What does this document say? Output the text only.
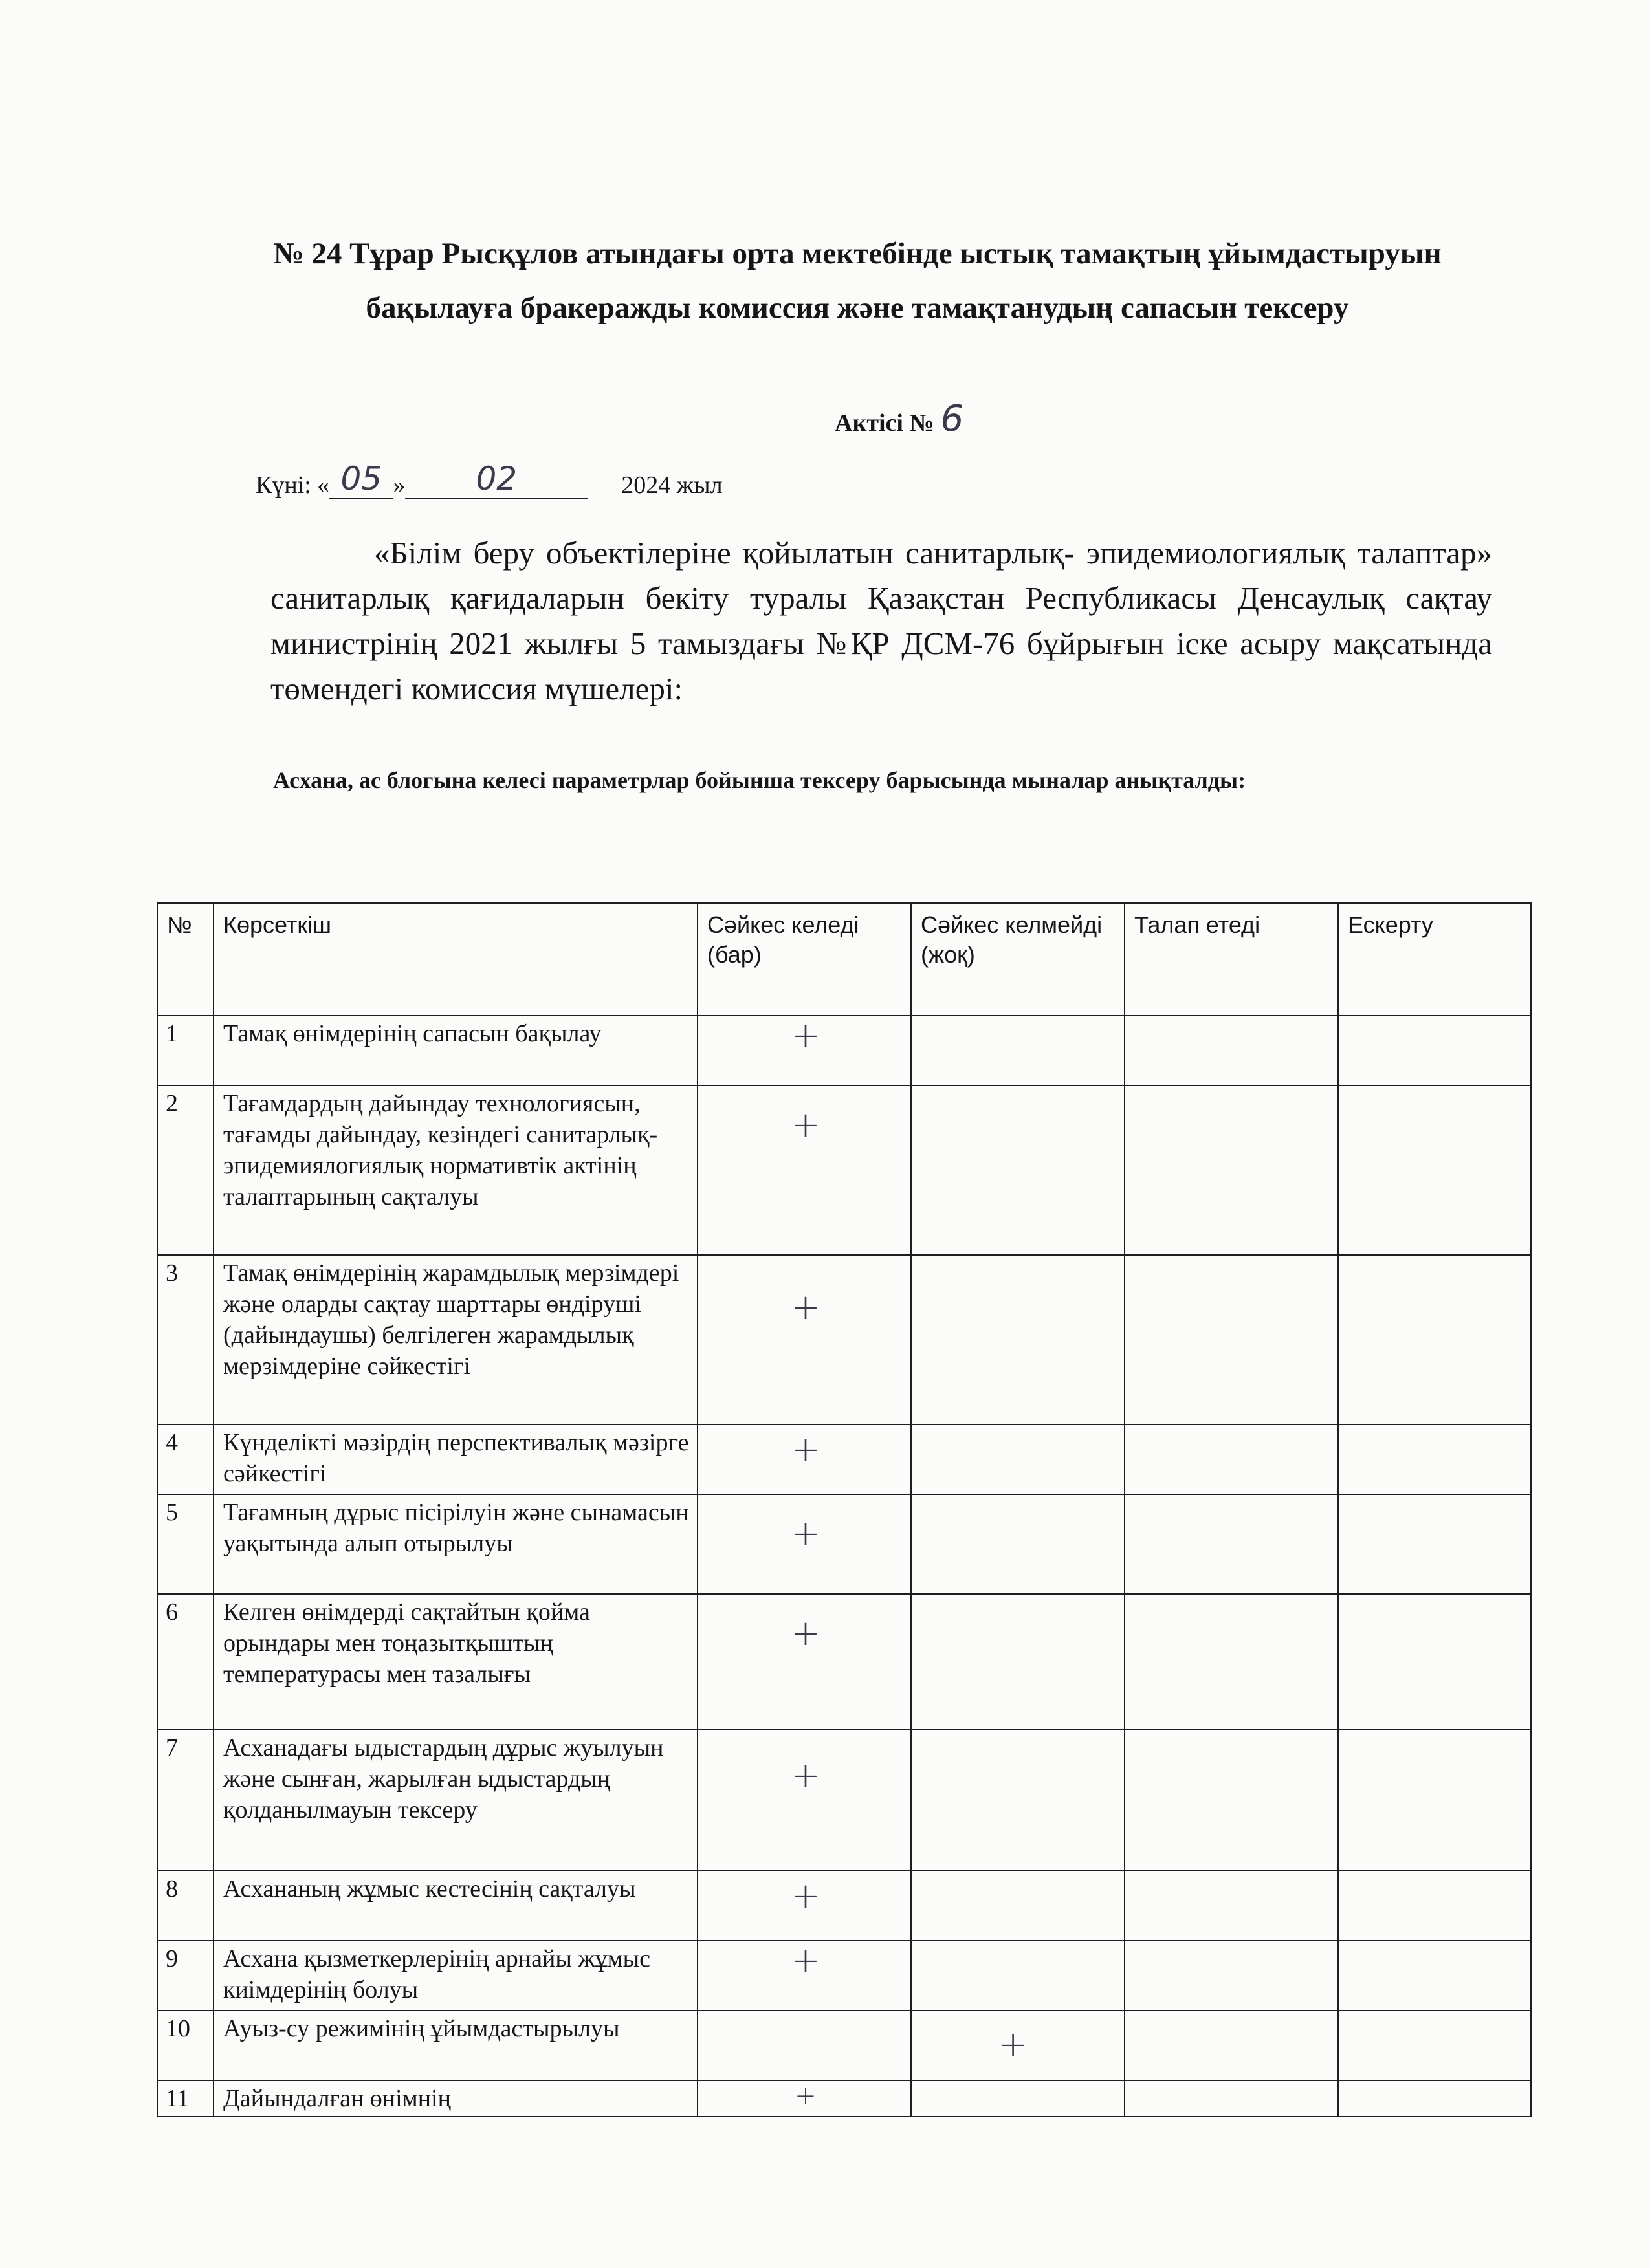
№ 24 Тұрар Рысқұлов атындағы орта мектебінде ыстық тамақтың ұйымдастыруын бақылауға бракеражды комиссия және тамақтанудың сапасын тексеру
Актісі № 6
Күні: « 05 » 02	2024 жыл
«Білім беру объектілеріне қойылатын санитарлық- эпидемиологиялық талаптар» санитарлық қағидаларын бекіту туралы Қазақстан Республикасы Денсаулық сақтау министрінің 2021 жылғы 5 тамыздағы №ҚР ДСМ-76 бұйрығын іске асыру мақсатында төмендегі комиссия мүшелері:
Асхана, ас блогына келесі параметрлар бойынша тексеру барысында мыналар анықталды:
№	Көрсеткіш	Сәйкес келеді (бар)	Сәйкес келмейді (жоқ)	Талап етеді	Ескерту
1	Тамақ өнімдерінің сапасын бақылау	+			

2	Тағамдардың дайындау технологиясын, тағамды дайындау, кезіндегі санитарлық-эпидемиялогиялық нормативтік актінің талаптарының сақталуы	+			

3	Тамақ өнімдерінің жарамдылық мерзімдері және оларды сақтау шарттары өндіруші (дайындаушы) белгілеген жарамдылық мерзімдеріне сәйкестігі	+			

4	Күнделікті мәзірдің перспективалық мәзірге сәйкестігі	+			

5	Тағамның дұрыс пісірілуін және сынамасын уақытында алып отырылуы	+			

6	Келген өнімдерді сақтайтын қойма орындары мен тоңазытқыштың температурасы мен тазалығы	+			

7	Асханадағы ыдыстардың дұрыс жуылуын және сынған, жарылған ыдыстардың қолданылмауын тексеру	+			

8	Асхананың жұмыс кестесінің сақталуы	+			

9	Асхана қызметкерлерінің арнайы жұмыс киімдерінің болуы	+			

10	Ауыз-су режимінің ұйымдастырылуы		+		

11	Дайындалған өнімнің	+			
